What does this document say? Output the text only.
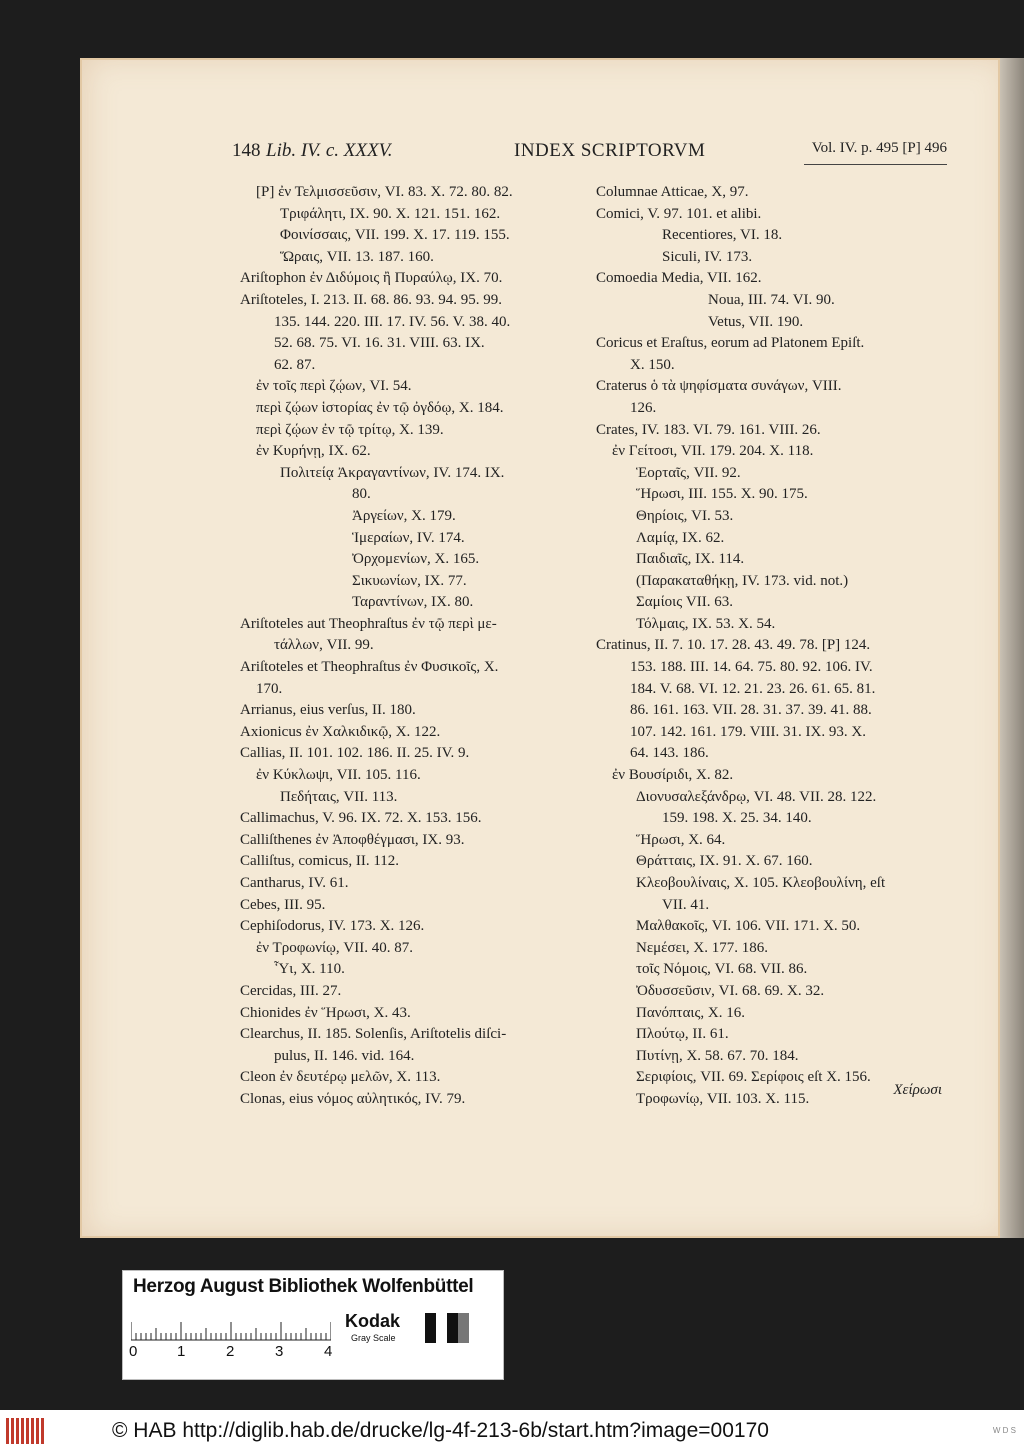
148 Lib. IV. c. XXXV.	INDEX SCRIPTORVM	Vol. IV. p. 495 [P] 496
[P] ἐν Τελμισσεῦσιν, VI. 83. X. 72. 80. 82.
Τριφάλητι, IX. 90. X. 121. 151. 162.
Φοινίσσαις, VII. 199. X. 17. 119. 155.
Ὥραις, VII. 13. 187. 160.
Ariſtophon ἐν Διδύμοις ἢ Πυραύλῳ, IX. 70.
Ariſtoteles, I. 213. II. 68. 86. 93. 94. 95. 99.
135. 144. 220. III. 17. IV. 56. V. 38. 40.
52. 68. 75. VI. 16. 31. VIII. 63. IX.
62. 87.
ἐν τοῖς περὶ ζῴων, VI. 54.
περὶ ζῴων ἱστορίας ἐν τῷ ὀγδόῳ, X. 184.
περὶ ζῴων ἐν τῷ τρίτῳ, X. 139.
ἐν Κυρήνῃ, IX. 62.
Πολιτείᾳ Ἀκραγαντίνων, IV. 174. IX.
80.
Ἀργείων, X. 179.
Ἱμεραίων, IV. 174.
Ὀρχομενίων, X. 165.
Σικυωνίων, IX. 77.
Ταραντίνων, IX. 80.
Ariſtoteles aut Theophraſtus ἐν τῷ περὶ με-
τάλλων, VII. 99.
Ariſtoteles et Theophraſtus ἐν Φυσικοῖς, X.
170.
Arrianus, eius verſus, II. 180.
Axionicus ἐν Χαλκιδικῷ, X. 122.
Callias, II. 101. 102. 186. II. 25. IV. 9.
ἐν Κύκλωψι, VII. 105. 116.
Πεδήταις, VII. 113.
Callimachus, V. 96. IX. 72. X. 153. 156.
Calliſthenes ἐν Ἀποφθέγμασι, IX. 93.
Calliſtus, comicus, II. 112.
Cantharus, IV. 61.
Cebes, III. 95.
Cephiſodorus, IV. 173. X. 126.
ἐν Τροφωνίῳ, VII. 40. 87.
Ὗι, X. 110.
Cercidas, III. 27.
Chionides ἐν Ἥρωσι, X. 43.
Clearchus, II. 185. Solenſis, Ariſtotelis diſci-
pulus, II. 146. vid. 164.
Cleon ἐν δευτέρῳ μελῶν, X. 113.
Clonas, eius νόμος αὐλητικός, IV. 79.
Columnae Atticae, X, 97.
Comici, V. 97. 101. et alibi.
Recentiores, VI. 18.
Siculi, IV. 173.
Comoedia Media, VII. 162.
Noua, III. 74. VI. 90.
Vetus, VII. 190.
Coricus et Eraſtus, eorum ad Platonem Epiſt.
X. 150.
Craterus ὁ τὰ ψηφίσματα συνάγων, VIII.
126.
Crates, IV. 183. VI. 79. 161. VIII. 26.
ἐν Γείτοσι, VII. 179. 204. X. 118.
Ἑορταῖς, VII. 92.
Ἥρωσι, III. 155. X. 90. 175.
Θηρίοις, VI. 53.
Λαμίᾳ, IX. 62.
Παιδιαῖς, IX. 114.
(Παρακαταθήκῃ, IV. 173. vid. not.)
Σαμίοις VII. 63.
Τόλμαις, IX. 53. X. 54.
Cratinus, II. 7. 10. 17. 28. 43. 49. 78. [P] 124.
153. 188. III. 14. 64. 75. 80. 92. 106. IV.
184. V. 68. VI. 12. 21. 23. 26. 61. 65. 81.
86. 161. 163. VII. 28. 31. 37. 39. 41. 88.
107. 142. 161. 179. VIII. 31. IX. 93. X.
64. 143. 186.
ἐν Βουσίριδι, X. 82.
Διονυσαλεξάνδρῳ, VI. 48. VII. 28. 122.
159. 198. X. 25. 34. 140.
Ἥρωσι, X. 64.
Θράτταις, IX. 91. X. 67. 160.
Κλεοβουλίναις, X. 105. Κλεοβουλίνη, eſt
VII. 41.
Μαλθακοῖς, VI. 106. VII. 171. X. 50.
Νεμέσει, X. 177. 186.
τοῖς Νόμοις, VI. 68. VII. 86.
Ὀδυσσεῦσιν, VI. 68. 69. X. 32.
Πανόπταις, X. 16.
Πλούτῳ, II. 61.
Πυτίνῃ, X. 58. 67. 70. 184.
Σεριφίοις, VII. 69. Σερίφοις eſt X. 156.
Τροφωνίῳ, VII. 103. X. 115.
Χείρωσι
Herzog August Bibliothek Wolfenbüttel
0	1	2	3	4
Kodak
Gray Scale
© HAB http://diglib.hab.de/drucke/lg-4f-213-6b/start.htm?image=00170	W D S
